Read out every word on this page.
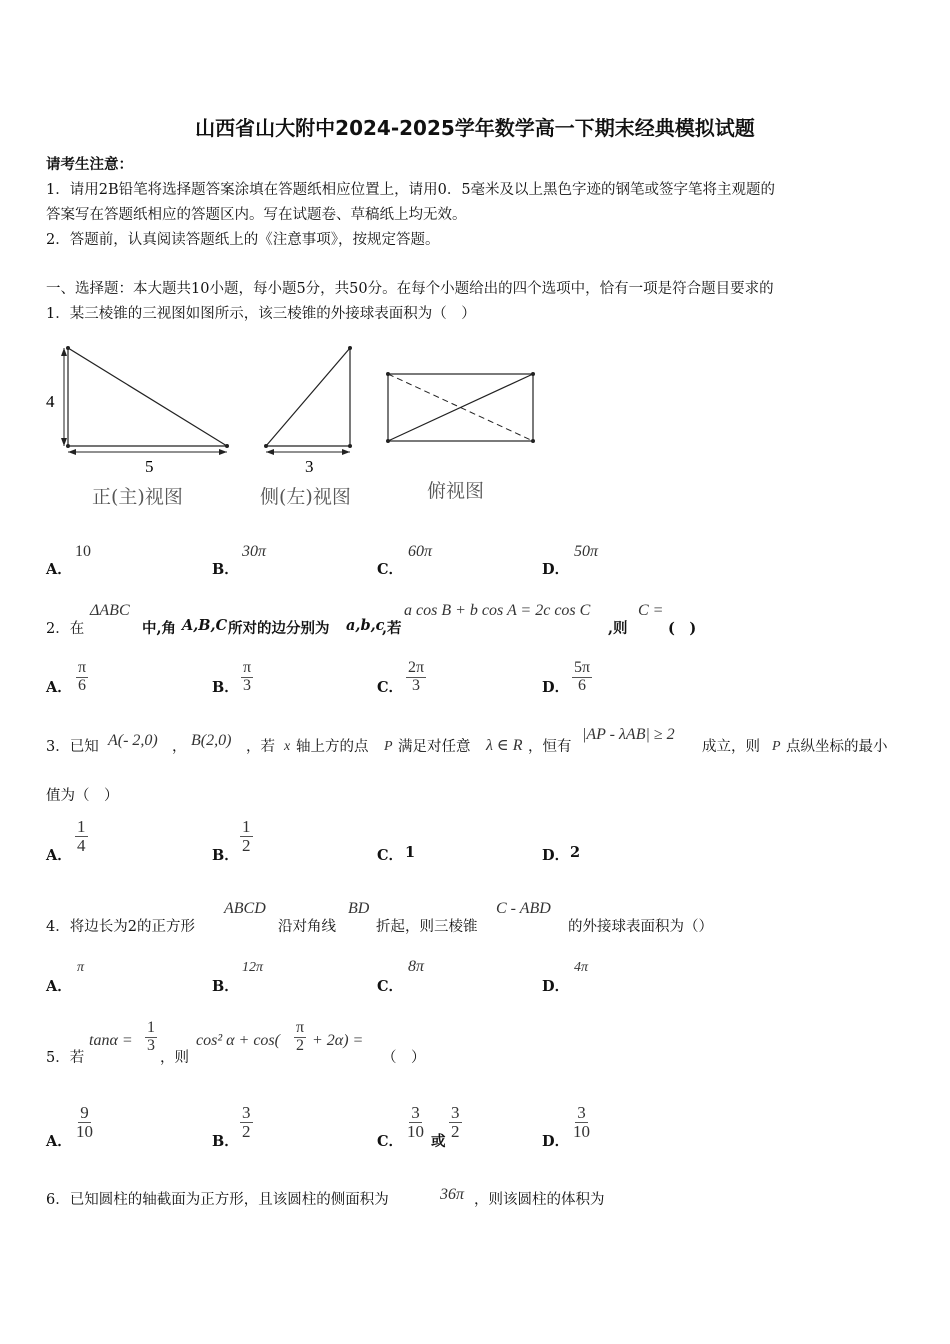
山西省山大附中2024-2025学年数学高一下期末经典模拟试题
请考生注意：
1．请用2B铅笔将选择题答案涂填在答题纸相应位置上，请用0．5毫米及以上黑色字迹的钢笔或签字笔将主观题的
答案写在答题纸相应的答题区内。写在试题卷、草稿纸上均无效。
2．答题前，认真阅读答题纸上的《注意事项》，按规定答题。
一、选择题：本大题共10小题，每小题5分，共50分。在每个小题给出的四个选项中，恰有一项是符合题目要求的
1．某三棱锥的三视图如图所示，该三棱锥的外接球表面积为（　）
4
5
正(主)视图
3
侧(左)视图	俯视图
A．
10
B．
30π
C．
60π
D．
50π
2．在
ΔABC
中,角 A,B,C 所对的边分别为 a,b,c
,若
a cos B + b cos A = 2c cos C
,则
C =
(　)
A． $\frac{\pi}{6}$	B． $\frac{\pi}{3}$	C． $\frac{2\pi}{3}$	D． $\frac{5\pi}{6}$
3．已知 A(- 2,0) ， B(2,0) ，若 x 轴上方的点 P 满足对任意 λ ∈ R ，恒有
|AP - λAB| ≥ 2
成立，则 P 点纵坐标的最小
值为（　）
A．
$\frac{1}{4}$
B．
$\frac{1}{2}$
C． 1	D． 2
4．将边长为2的正方形
ABCD
沿对角线
BD
折起，则三棱锥
C - ABD
的外接球表面积为（）
A．
π
B．
12π
C．
8π
D．
4π
5．若
$\tan\alpha = \frac{1}{3}$
，则
cos² $\alpha + \cos( \frac{\pi}{2} + 2\alpha)$ =
（　）
A．
$\frac{9}{10}$
B．
$\frac{3}{2}$
C．
$\frac{3}{10}$
或
$\frac{3}{2}$
D．
$\frac{3}{10}$
6．已知圆柱的轴截面为正方形，且该圆柱的侧面积为	36π ，则该圆柱的体积为
